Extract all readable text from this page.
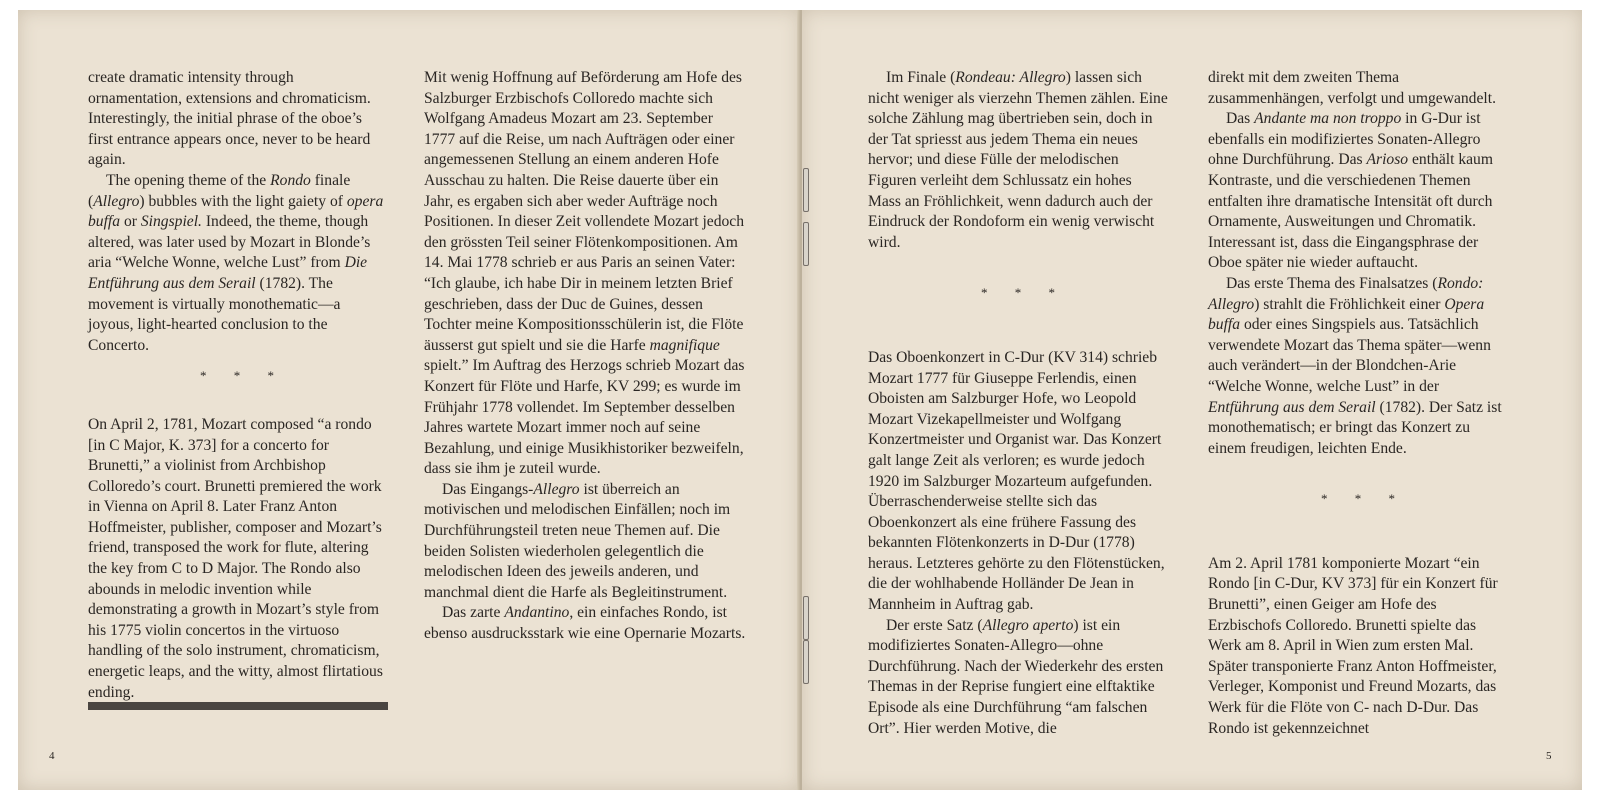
create dramatic intensity through ornamentation, extensions and chromaticism. Interestingly, the initial phrase of the oboe’s first entrance appears once, never to be heard again.

The opening theme of the Rondo finale (Allegro) bubbles with the light gaiety of opera buffa or Singspiel. Indeed, the theme, though altered, was later used by Mozart in Blonde’s aria “Welche Wonne, welche Lust” from Die Entführung aus dem Serail (1782). The movement is virtually monothematic—a joyous, light-hearted conclusion to the Concerto.

* * *

On April 2, 1781, Mozart composed “a rondo [in C Major, K. 373] for a concerto for Brunetti,” a violinist from Archbishop Colloredo’s court. Brunetti premiered the work in Vienna on April 8. Later Franz Anton Hoffmeister, publisher, composer and Mozart’s friend, transposed the work for flute, altering the key from C to D Major. The Rondo also abounds in melodic invention while demonstrating a growth in Mozart’s style from his 1775 violin concertos in the virtuoso handling of the solo instrument, chromaticism, energetic leaps, and the witty, almost flirtatious ending.

Mit wenig Hoffnung auf Beförderung am Hofe des Salzburger Erzbischofs Colloredo machte sich Wolfgang Amadeus Mozart am 23. September 1777 auf die Reise, um nach Aufträgen oder einer angemessenen Stellung an einem anderen Hofe Ausschau zu halten. Die Reise dauerte über ein Jahr, es ergaben sich aber weder Aufträge noch Positionen. In dieser Zeit vollendete Mozart jedoch den grössten Teil seiner Flötenkompositionen. Am 14. Mai 1778 schrieb er aus Paris an seinen Vater: “Ich glaube, ich habe Dir in meinem letzten Brief geschrieben, dass der Duc de Guines, dessen Tochter meine Kompositionsschülerin ist, die Flöte äusserst gut spielt und sie die Harfe magnifique spielt.” Im Auftrag des Herzogs schrieb Mozart das Konzert für Flöte und Harfe, KV 299; es wurde im Frühjahr 1778 vollendet. Im September desselben Jahres wartete Mozart immer noch auf seine Bezahlung, und einige Musikhistoriker bezweifeln, dass sie ihm je zuteil wurde.

Das Eingangs-Allegro ist überreich an motivischen und melodischen Einfällen; noch im Durchführungsteil treten neue Themen auf. Die beiden Solisten wiederholen gelegentlich die melodischen Ideen des jeweils anderen, und manchmal dient die Harfe als Begleitinstrument.

Das zarte Andantino, ein einfaches Rondo, ist ebenso ausdrucksstark wie eine Opernarie Mozarts.

4

Im Finale (Rondeau: Allegro) lassen sich nicht weniger als vierzehn Themen zählen. Eine solche Zählung mag übertrieben sein, doch in der Tat spriesst aus jedem Thema ein neues hervor; und diese Fülle der melodischen Figuren verleiht dem Schlussatz ein hohes Mass an Fröhlichkeit, wenn dadurch auch der Eindruck der Rondoform ein wenig verwischt wird.

* * *

Das Oboenkonzert in C-Dur (KV 314) schrieb Mozart 1777 für Giuseppe Ferlendis, einen Oboisten am Salzburger Hofe, wo Leopold Mozart Vizekapellmeister und Wolfgang Konzertmeister und Organist war. Das Konzert galt lange Zeit als verloren; es wurde jedoch 1920 im Salzburger Mozarteum aufgefunden. Überraschenderweise stellte sich das Oboenkonzert als eine frühere Fassung des bekannten Flötenkonzerts in D-Dur (1778) heraus. Letzteres gehörte zu den Flötenstücken, die der wohlhabende Holländer De Jean in Mannheim in Auftrag gab.

Der erste Satz (Allegro aperto) ist ein modifiziertes Sonaten-Allegro—ohne Durchführung. Nach der Wiederkehr des ersten Themas in der Reprise fungiert eine elftaktike Episode als eine Durchführung “am falschen Ort”. Hier werden Motive, die

direkt mit dem zweiten Thema zusammenhängen, verfolgt und umgewandelt.

Das Andante ma non troppo in G-Dur ist ebenfalls ein modifiziertes Sonaten-Allegro ohne Durchführung. Das Arioso enthält kaum Kontraste, und die verschiedenen Themen entfalten ihre dramatische Intensität oft durch Ornamente, Ausweitungen und Chromatik. Interessant ist, dass die Eingangsphrase der Oboe später nie wieder auftaucht.

Das erste Thema des Finalsatzes (Rondo: Allegro) strahlt die Fröhlichkeit einer Opera buffa oder eines Singspiels aus. Tatsächlich verwendete Mozart das Thema später—wenn auch verändert—in der Blondchen-Arie “Welche Wonne, welche Lust” in der Entführung aus dem Serail (1782). Der Satz ist monothematisch; er bringt das Konzert zu einem freudigen, leichten Ende.

* * *

Am 2. April 1781 komponierte Mozart “ein Rondo [in C-Dur, KV 373] für ein Konzert für Brunetti”, einen Geiger am Hofe des Erzbischofs Colloredo. Brunetti spielte das Werk am 8. April in Wien zum ersten Mal. Später transponierte Franz Anton Hoffmeister, Verleger, Komponist und Freund Mozarts, das Werk für die Flöte von C- nach D-Dur. Das Rondo ist gekennzeichnet

5
